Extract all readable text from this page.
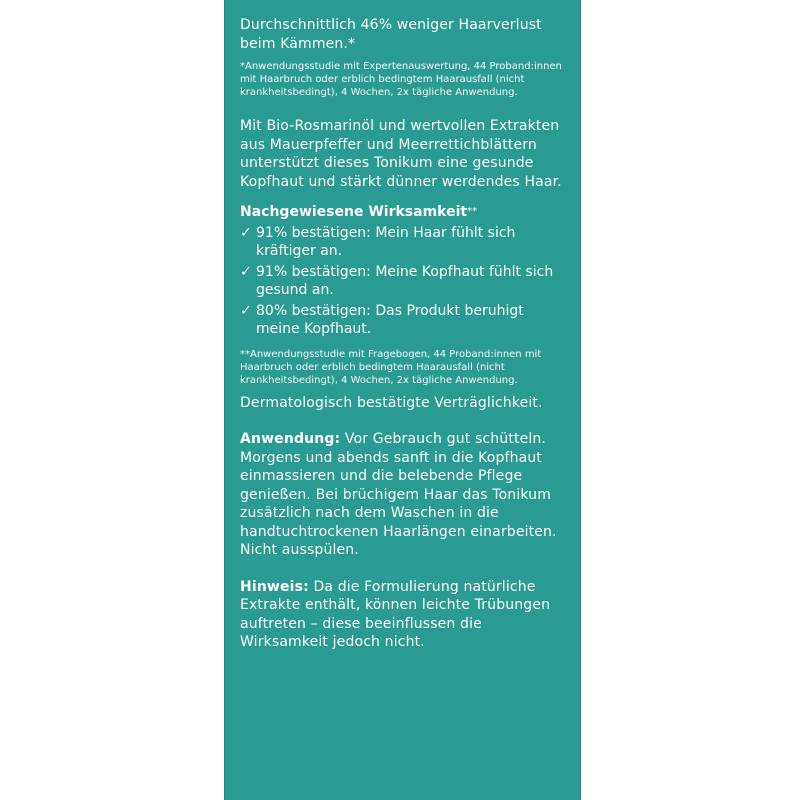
Durchschnittlich 46% weniger Haarverlust beim Kämmen.*

*Anwendungsstudie mit Expertenauswertung, 44 Proband:innen mit Haarbruch oder erblich bedingtem Haarausfall (nicht krankheitsbedingt), 4 Wochen, 2x tägliche Anwendung.

Mit Bio-Rosmarinöl und wertvollen Extrakten aus Mauerpfeffer und Meerrettichblättern unterstützt dieses Tonikum eine gesunde Kopfhaut und stärkt dünner werdendes Haar.

Nachgewiesene Wirksamkeit**

✓ 91% bestätigen: Mein Haar fühlt sich kräftiger an.
✓ 91% bestätigen: Meine Kopfhaut fühlt sich gesund an.
✓ 80% bestätigen: Das Produkt beruhigt meine Kopfhaut.

**Anwendungsstudie mit Fragebogen, 44 Proband:innen mit Haarbruch oder erblich bedingtem Haarausfall (nicht krankheitsbedingt), 4 Wochen, 2x tägliche Anwendung.

Dermatologisch bestätigte Verträglichkeit.

Anwendung: Vor Gebrauch gut schütteln. Morgens und abends sanft in die Kopfhaut einmassieren und die belebende Pflege genießen. Bei brüchigem Haar das Tonikum zusätzlich nach dem Waschen in die handtuchtrockenen Haarlängen einarbeiten. Nicht ausspülen.

Hinweis: Da die Formulierung natürliche Extrakte enthält, können leichte Trübungen auftreten – diese beeinflussen die Wirksamkeit jedoch nicht.
